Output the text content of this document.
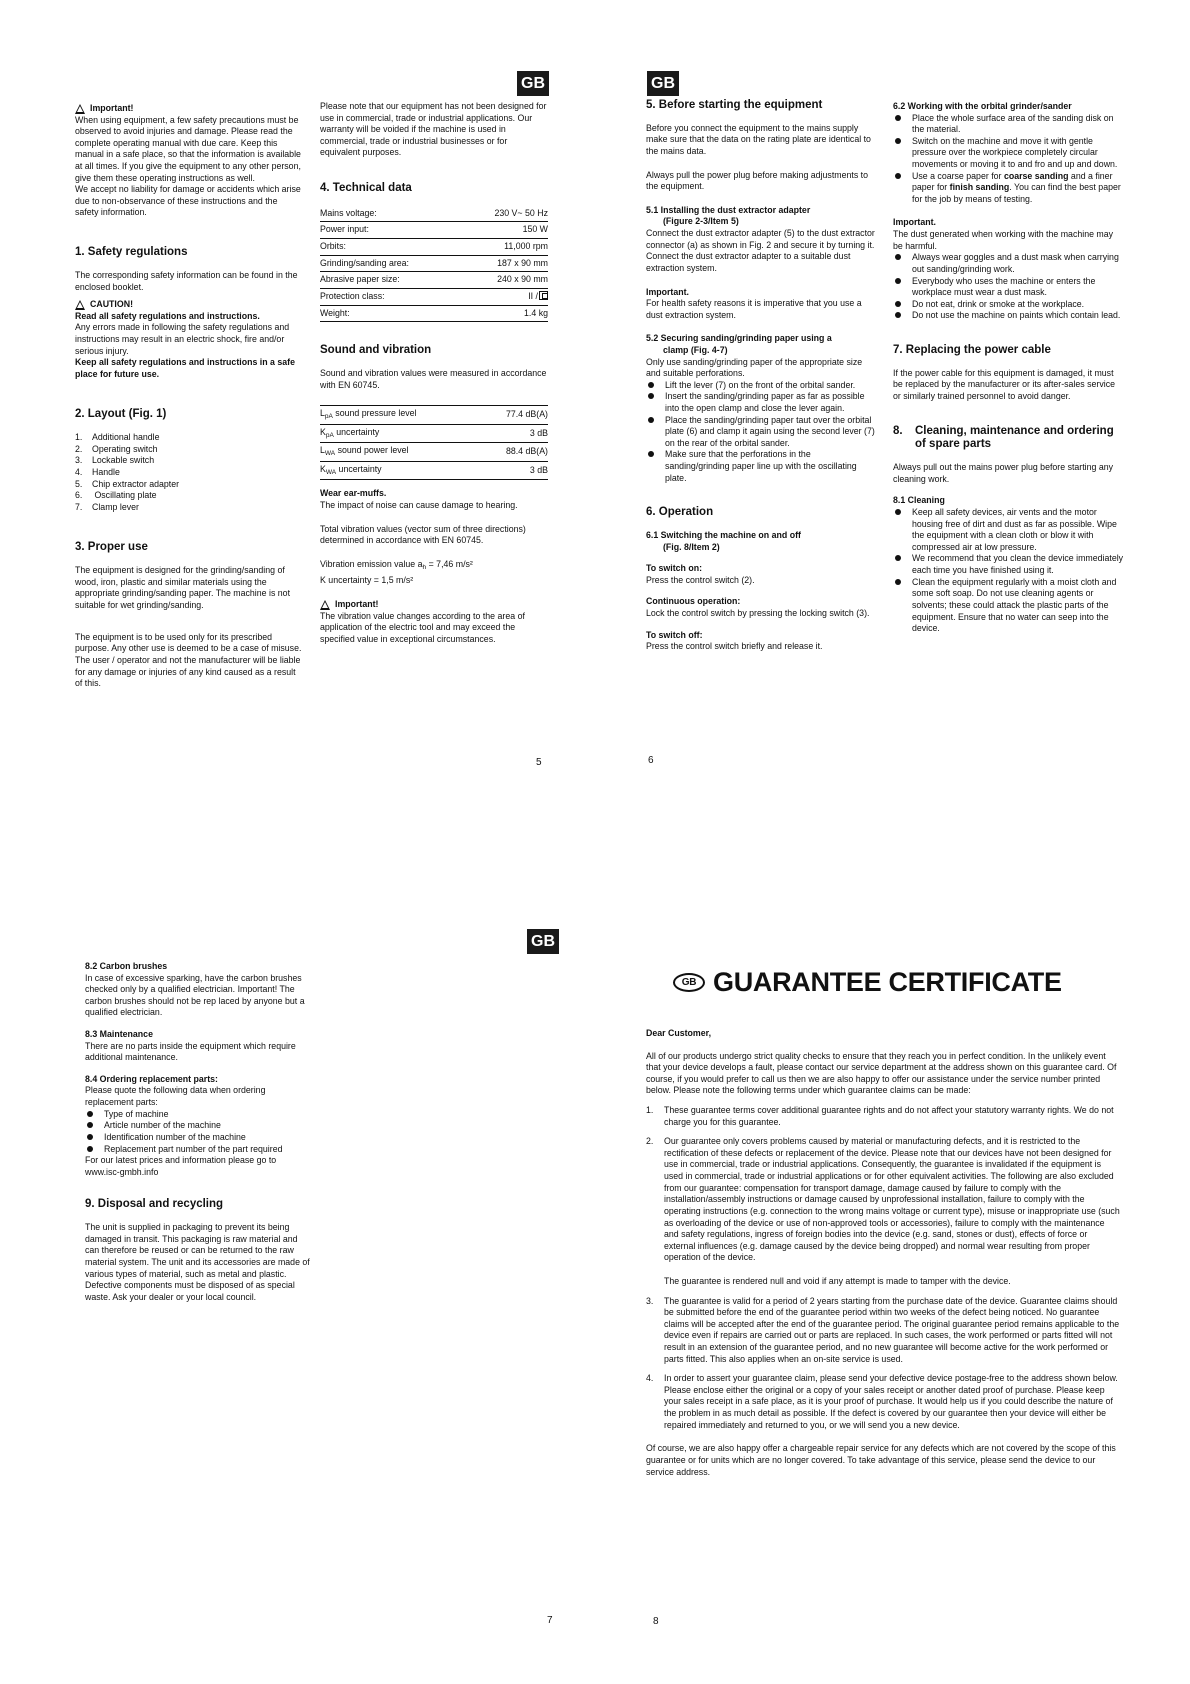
GB	GB
GB
Important!

When using equipment, a few safety precautions must be observed to avoid injuries and damage. Please read the complete operating manual with due care. Keep this manual in a safe place, so that the information is available at all times. If you give the equipment to any other person, give them these operating instructions as well.

We accept no liability for damage or accidents which arise due to non-observance of these instructions and the safety information.

1. Safety regulations

The corresponding safety information can be found in the enclosed booklet.

CAUTION!

Read all safety regulations and instructions.

Any errors made in following the safety regulations and instructions may result in an electric shock, fire and/or serious injury.

Keep all safety regulations and instructions in a safe place for future use.

2. Layout (Fig. 1)
1.	Additional handle
2.	Operating switch
3.	Lockable switch
4.	Handle
5.	Chip extractor adapter
6.	Oscillating plate
7.	Clamp lever
3. Proper use

The equipment is designed for the grinding/sanding of wood, iron, plastic and similar materials using the appropriate grinding/sanding paper. The machine is not suitable for wet grinding/sanding.

The equipment is to be used only for its prescribed purpose. Any other use is deemed to be a case of misuse. The user / operator and not the manufacturer will be liable for any damage or injuries of any kind caused as a result of this.

Please note that our equipment has not been designed for use in commercial, trade or industrial applications. Our warranty will be voided if the machine is used in commercial, trade or industrial businesses or for equivalent purposes.

4. Technical data
Mains voltage:	230 V~ 50 Hz
Power input:	150 W
Orbits:	11,000 rpm
Grinding/sanding area:	187 x 90 mm
Abrasive paper size:	240 x 90 mm
Protection class:	II /
Weight:	1.4 kg
Sound and vibration

Sound and vibration values were measured in accordance with EN 60745.

$L_{pA}$ sound pressure level	77.4 dB(A)
$K_{pA}$ uncertainty	3 dB
$L_{WA}$ sound power level	88.4 dB(A)
$K_{WA}$ uncertainty	3 dB

Wear ear-muffs.

The impact of noise can cause damage to hearing.

Total vibration values (vector sum of three directions) determined in accordance with EN 60745.

Vibration emission value $a_h = 7,46$ m/s²

K uncertainty = 1,5 m/s²

Important!

The vibration value changes according to the area of application of the electric tool and may exceed the specified value in exceptional circumstances.

5. Before starting the equipment

Before you connect the equipment to the mains supply make sure that the data on the rating plate are identical to the mains data.

Always pull the power plug before making adjustments to the equipment.

5.1 Installing the dust extractor adapter

(Figure 2-3/Item 5)

Connect the dust extractor adapter (5) to the dust extractor connector (a) as shown in Fig. 2 and secure it by turning it. Connect the dust extractor adapter to a suitable dust extraction system.

Important.

For health safety reasons it is imperative that you use a dust extraction system.

5.2 Securing sanding/grinding paper using a

clamp (Fig. 4-7)

Only use sanding/grinding paper of the appropriate size and suitable perforations.

Lift the lever (7) on the front of the orbital sander.
Insert the sanding/grinding paper as far as possible into the open clamp and close the lever again.
Place the sanding/grinding paper taut over the orbital plate (6) and clamp it again using the second lever (7) on the rear of the orbital sander.
Make sure that the perforations in the sanding/grinding paper line up with the oscillating plate.
6. Operation
6.1 Switching the machine on and off

(Fig. 8/Item 2)

To switch on:

Press the control switch (2).

Continuous operation:

Lock the control switch by pressing the locking switch (3).

To switch off:

Press the control switch briefly and release it.

6.2 Working with the orbital grinder/sander
Place the whole surface area of the sanding disk on the material.
Switch on the machine and move it with gentle pressure over the workpiece completely circular movements or moving it to and fro and up and down.
Use a coarse paper for coarse sanding and a finer paper for finish sanding. You can find the best paper for the job by means of testing.
Important.

The dust generated when working with the machine may be harmful.

Always wear goggles and a dust mask when carrying out sanding/grinding work.
Everybody who uses the machine or enters the workplace must wear a dust mask.
Do not eat, drink or smoke at the workplace.
Do not use the machine on paints which contain lead.
7. Replacing the power cable

If the power cable for this equipment is damaged, it must be replaced by the manufacturer or its after-sales service or similarly trained personnel to avoid danger.

8.	Cleaning, maintenance and ordering of spare parts

Always pull out the mains power plug before starting any cleaning work.

8.1 Cleaning
Keep all safety devices, air vents and the motor housing free of dirt and dust as far as possible. Wipe the equipment with a clean cloth or blow it with compressed air at low pressure.
We recommend that you clean the device immediately each time you have finished using it.
Clean the equipment regularly with a moist cloth and some soft soap. Do not use cleaning agents or solvents; these could attack the plastic parts of the equipment. Ensure that no water can seep into the device.
8.2 Carbon brushes

In case of excessive sparking, have the carbon brushes checked only by a qualified electrician. Important! The carbon brushes should not be rep laced by anyone but a qualified electrician.

8.3 Maintenance

There are no parts inside the equipment which require additional maintenance.

8.4 Ordering replacement parts:

Please quote the following data when ordering replacement parts:

Type of machine
Article number of the machine
Identification number of the machine
Replacement part number of the part required

For our latest prices and information please go to www.isc-gmbh.info

9. Disposal and recycling

The unit is supplied in packaging to prevent its being damaged in transit. This packaging is raw material and can therefore be reused or can be returned to the raw material system. The unit and its accessories are made of various types of material, such as metal and plastic. Defective components must be disposed of as special waste. Ask your dealer or your local council.

GB GUARANTEE CERTIFICATE

Dear Customer,

All of our products undergo strict quality checks to ensure that they reach you in perfect condition. In the unlikely event that your device develops a fault, please contact our service department at the address shown on this guarantee card. Of course, if you would prefer to call us then we are also happy to offer our assistance under the service number printed below. Please note the following terms under which guarantee claims can be made:

1.	These guarantee terms cover additional guarantee rights and do not affect your statutory warranty rights. We do not charge you for this guarantee.
2.	Our guarantee only covers problems caused by material or manufacturing defects, and it is restricted to the rectification of these defects or replacement of the device. Please note that our devices have not been designed for use in commercial, trade or industrial applications. Consequently, the guarantee is invalidated if the equipment is used in commercial, trade or industrial applications or for other equivalent activities. The following are also excluded from our guarantee: compensation for transport damage, damage caused by failure to comply with the installation/assembly instructions or damage caused by unprofessional installation, failure to comply with the operating instructions (e.g. connection to the wrong mains voltage or current type), misuse or inappropriate use (such as overloading of the device or use of non-approved tools or accessories), failure to comply with the maintenance and safety regulations, ingress of foreign bodies into the device (e.g. sand, stones or dust), effects of force or external influences (e.g. damage caused by the device being dropped) and normal wear resulting from proper operation of the device.

The guarantee is rendered null and void if any attempt is made to tamper with the device.

3.	The guarantee is valid for a period of 2 years starting from the purchase date of the device. Guarantee claims should be submitted before the end of the guarantee period within two weeks of the defect being noticed. No guarantee claims will be accepted after the end of the guarantee period. The original guarantee period remains applicable to the device even if repairs are carried out or parts are replaced. In such cases, the work performed or parts fitted will not result in an extension of the guarantee period, and no new guarantee will become active for the work performed or parts fitted. This also applies when an on-site service is used.
4.	In order to assert your guarantee claim, please send your defective device postage-free to the address shown below. Please enclose either the original or a copy of your sales receipt or another dated proof of purchase. Please keep your sales receipt in a safe place, as it is your proof of purchase. It would help us if you could describe the nature of the problem in as much detail as possible. If the defect is covered by our guarantee then your device will either be repaired immediately and returned to you, or we will send you a new device.

Of course, we are also happy offer a chargeable repair service for any defects which are not covered by the scope of this guarantee or for units which are no longer covered. To take advantage of this service, please send the device to our service address.

5	6
7	8
